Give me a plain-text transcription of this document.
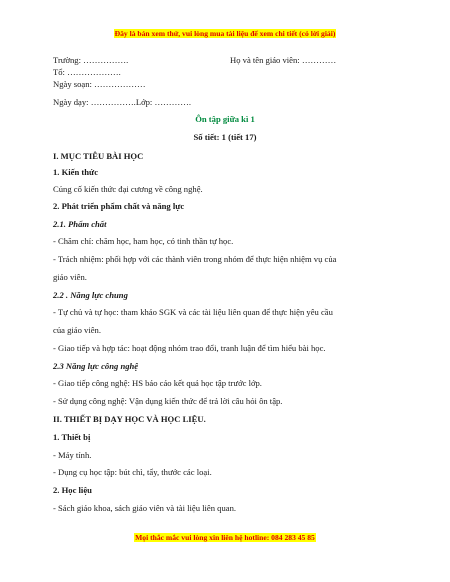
Đây là bản xem thử, vui lòng mua tài liệu để xem chi tiết (có lời giải)
Trường: …………….	Họ và tên giáo viên: …………
Tổ: ……………….
Ngày soạn: ………………
Ngày dạy: …………….Lớp: ………….
Ôn tập giữa kì 1
Số tiết: 1 (tiết 17)
I. MỤC TIÊU BÀI HỌC
1. Kiến thức
Củng cố kiến thức đại cương về công nghệ.
2. Phát triển phẩm chất và năng lực
2.1. Phẩm chất
- Chăm chỉ: chăm học, ham học, có tinh thần tự học.
- Trách nhiệm: phối hợp với các thành viên trong nhóm để thực hiện nhiệm vụ của
giáo viên.
2.2 . Năng lực chung
- Tự chủ và tự học: tham khảo SGK và các tài liệu liên quan để thực hiện yêu cầu
của giáo viên.
- Giao tiếp và hợp tác: hoạt động nhóm trao đổi, tranh luận để tìm hiểu bài học.
2.3 Năng lực công nghệ
- Giao tiếp công nghệ: HS báo cáo kết quả học tập trước lớp.
- Sử dụng công nghệ: Vận dụng kiến thức để trả lời câu hỏi ôn tập.
II. THIẾT BỊ DẠY HỌC VÀ HỌC LIỆU.
1. Thiết bị
- Máy tính.
- Dụng cụ học tập: bút chì, tẩy, thước các loại.
2. Học liệu
- Sách giáo khoa, sách giáo viên và tài liệu liên quan.
Mọi thắc mắc vui lòng xin liên hệ hotline: 084 283 45 85
